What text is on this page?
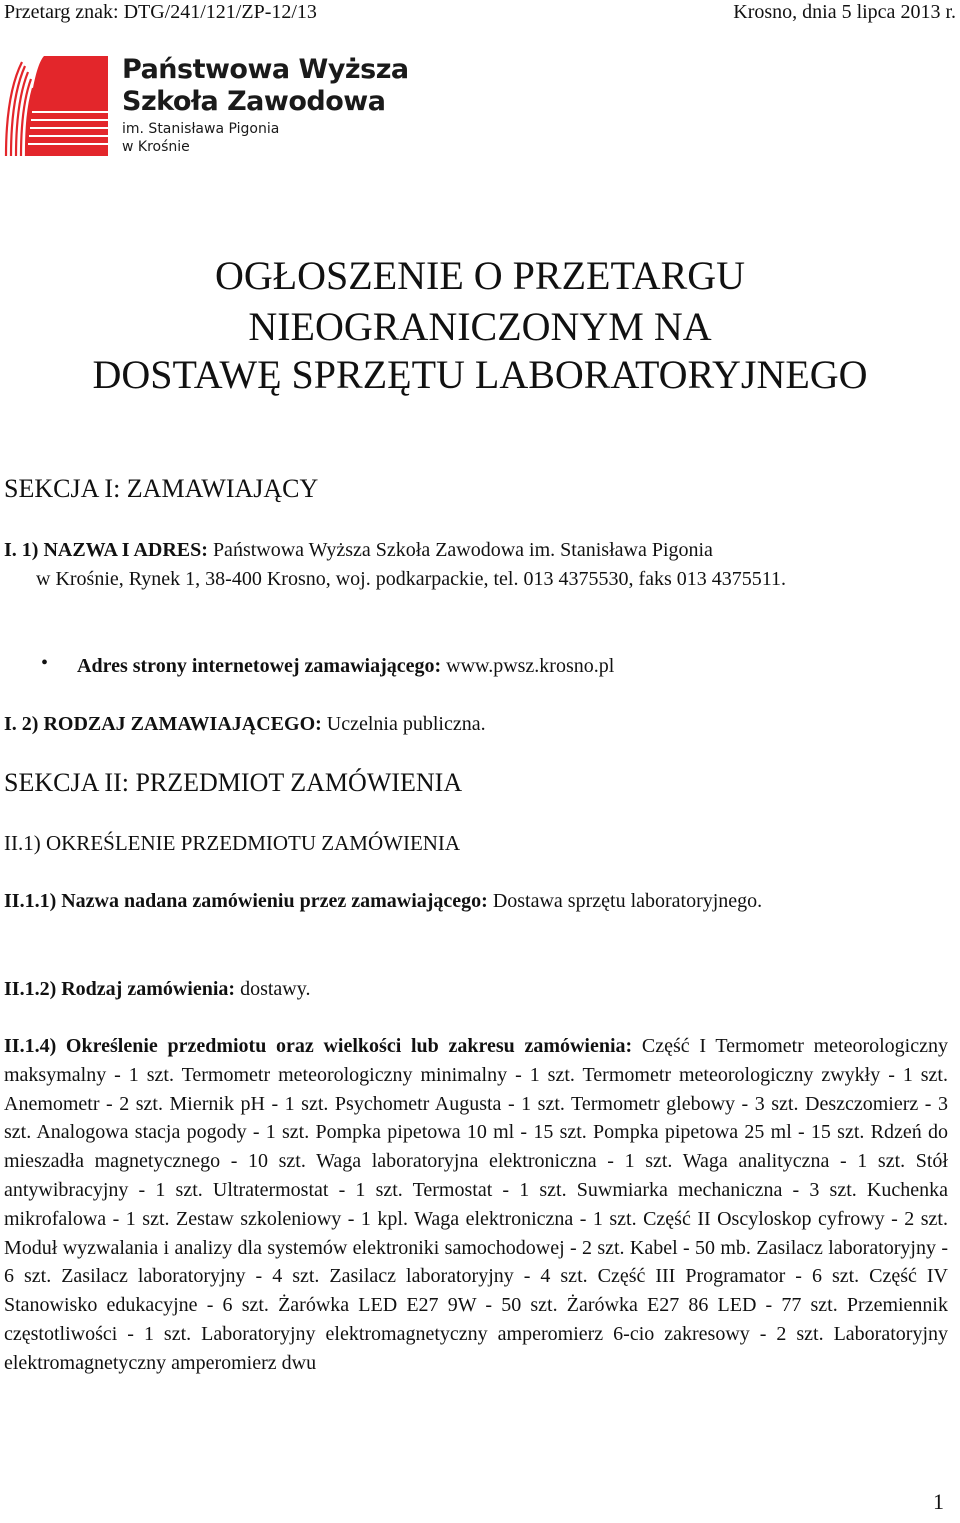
Przetarg znak: DTG/241/121/ZP-12/13	Krosno, dnia 5 lipca 2013 r.
Państwowa Wyższa
Szkoła Zawodowa
im. Stanisława Pigonia
w Krośnie
OGŁOSZENIE O PRZETARGU
NIEOGRANICZONYM NA
DOSTAWĘ SPRZĘTU LABORATORYJNEGO
SEKCJA I: ZAMAWIAJĄCY
I. 1) NAZWA I ADRES: Państwowa Wyższa Szkoła Zawodowa im. Stanisława Pigonia
w Krośnie, Rynek 1, 38-400 Krosno, woj. podkarpackie, tel. 013 4375530, faks 013 4375511.
• Adres strony internetowej zamawiającego: www.pwsz.krosno.pl
I. 2) RODZAJ ZAMAWIAJĄCEGO: Uczelnia publiczna.
SEKCJA II: PRZEDMIOT ZAMÓWIENIA
II.1) OKREŚLENIE PRZEDMIOTU ZAMÓWIENIA
II.1.1) Nazwa nadana zamówieniu przez zamawiającego: Dostawa sprzętu laboratoryjnego.
II.1.2) Rodzaj zamówienia: dostawy.
II.1.4) Określenie przedmiotu oraz wielkości lub zakresu zamówienia: Część I Termometr meteorologiczny maksymalny - 1 szt. Termometr meteorologiczny minimalny - 1 szt. Termometr meteorologiczny zwykły - 1 szt. Anemometr - 2 szt. Miernik pH - 1 szt. Psychometr Augusta - 1 szt. Termometr glebowy - 3 szt. Deszczomierz - 3 szt. Analogowa stacja pogody - 1 szt. Pompka pipetowa 10 ml - 15 szt. Pompka pipetowa 25 ml - 15 szt. Rdzeń do mieszadła magnetycznego - 10 szt. Waga laboratoryjna elektroniczna - 1 szt. Waga analityczna - 1 szt. Stół antywibracyjny - 1 szt. Ultratermostat - 1 szt. Termostat - 1 szt. Suwmiarka mechaniczna - 3 szt. Kuchenka mikrofalowa - 1 szt. Zestaw szkoleniowy - 1 kpl. Waga elektroniczna - 1 szt. Część II Oscyloskop cyfrowy - 2 szt. Moduł wyzwalania i analizy dla systemów elektroniki samochodowej - 2 szt. Kabel - 50 mb. Zasilacz laboratoryjny - 6 szt. Zasilacz laboratoryjny - 4 szt. Zasilacz laboratoryjny - 4 szt. Część III Programator - 6 szt. Część IV Stanowisko edukacyjne - 6 szt. Żarówka LED E27 9W - 50 szt. Żarówka E27 86 LED - 77 szt. Przemiennik częstotliwości - 1 szt. Laboratoryjny elektromagnetyczny amperomierz 6-cio zakresowy - 2 szt. Laboratoryjny elektromagnetyczny amperomierz dwu
1
